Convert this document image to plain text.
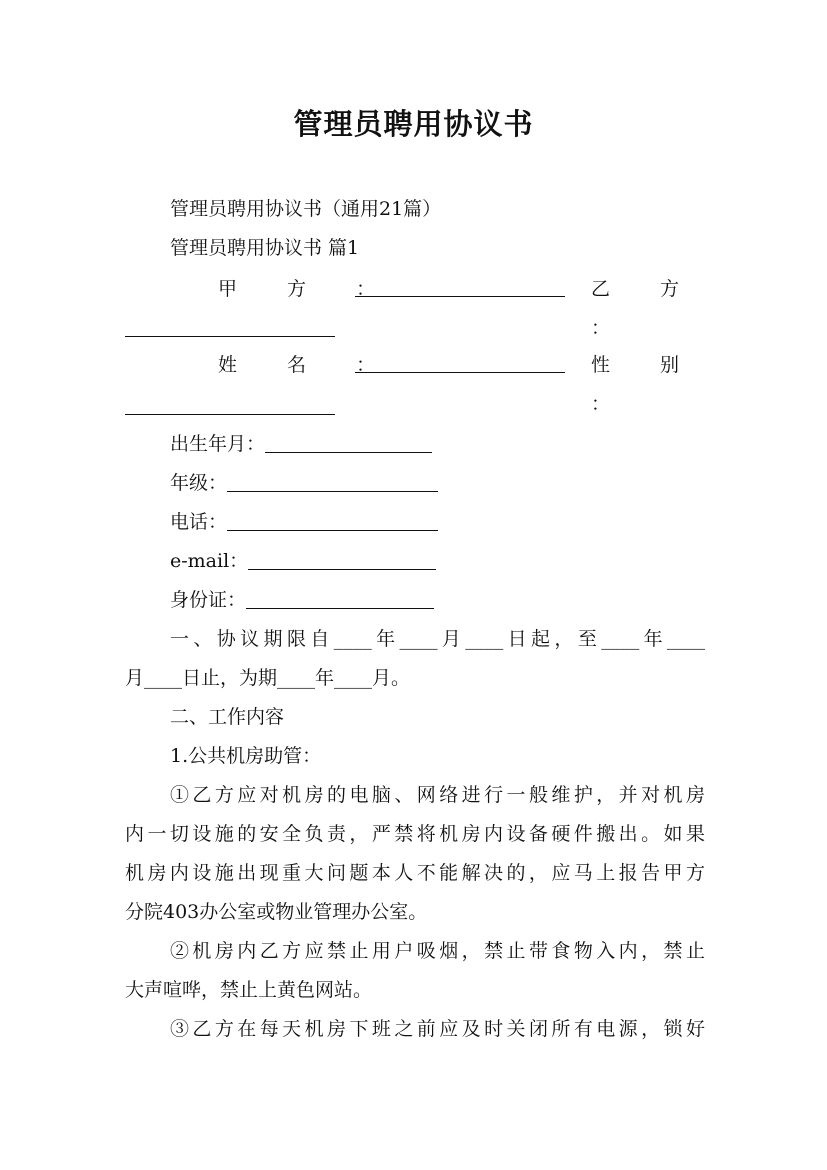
管理员聘用协议书
管理员聘用协议书（通用21篇）
管理员聘用协议书 篇1
甲 方 ：	乙 方 ：
姓 名 ：	性 别 ：
出生年月：
年级：
电话：
e-mail：
身份证：
一、协议期限自____年____月____日起，至____年____
月____日止，为期____年____月。
二、工作内容
1.公共机房助管：
①乙方应对机房的电脑、网络进行一般维护，并对机房
内一切设施的安全负责，严禁将机房内设备硬件搬出。如果
机房内设施出现重大问题本人不能解决的，应马上报告甲方
分院403办公室或物业管理办公室。
②机房内乙方应禁止用户吸烟，禁止带食物入内，禁止
大声喧哗，禁止上黄色网站。
③乙方在每天机房下班之前应及时关闭所有电源，锁好
